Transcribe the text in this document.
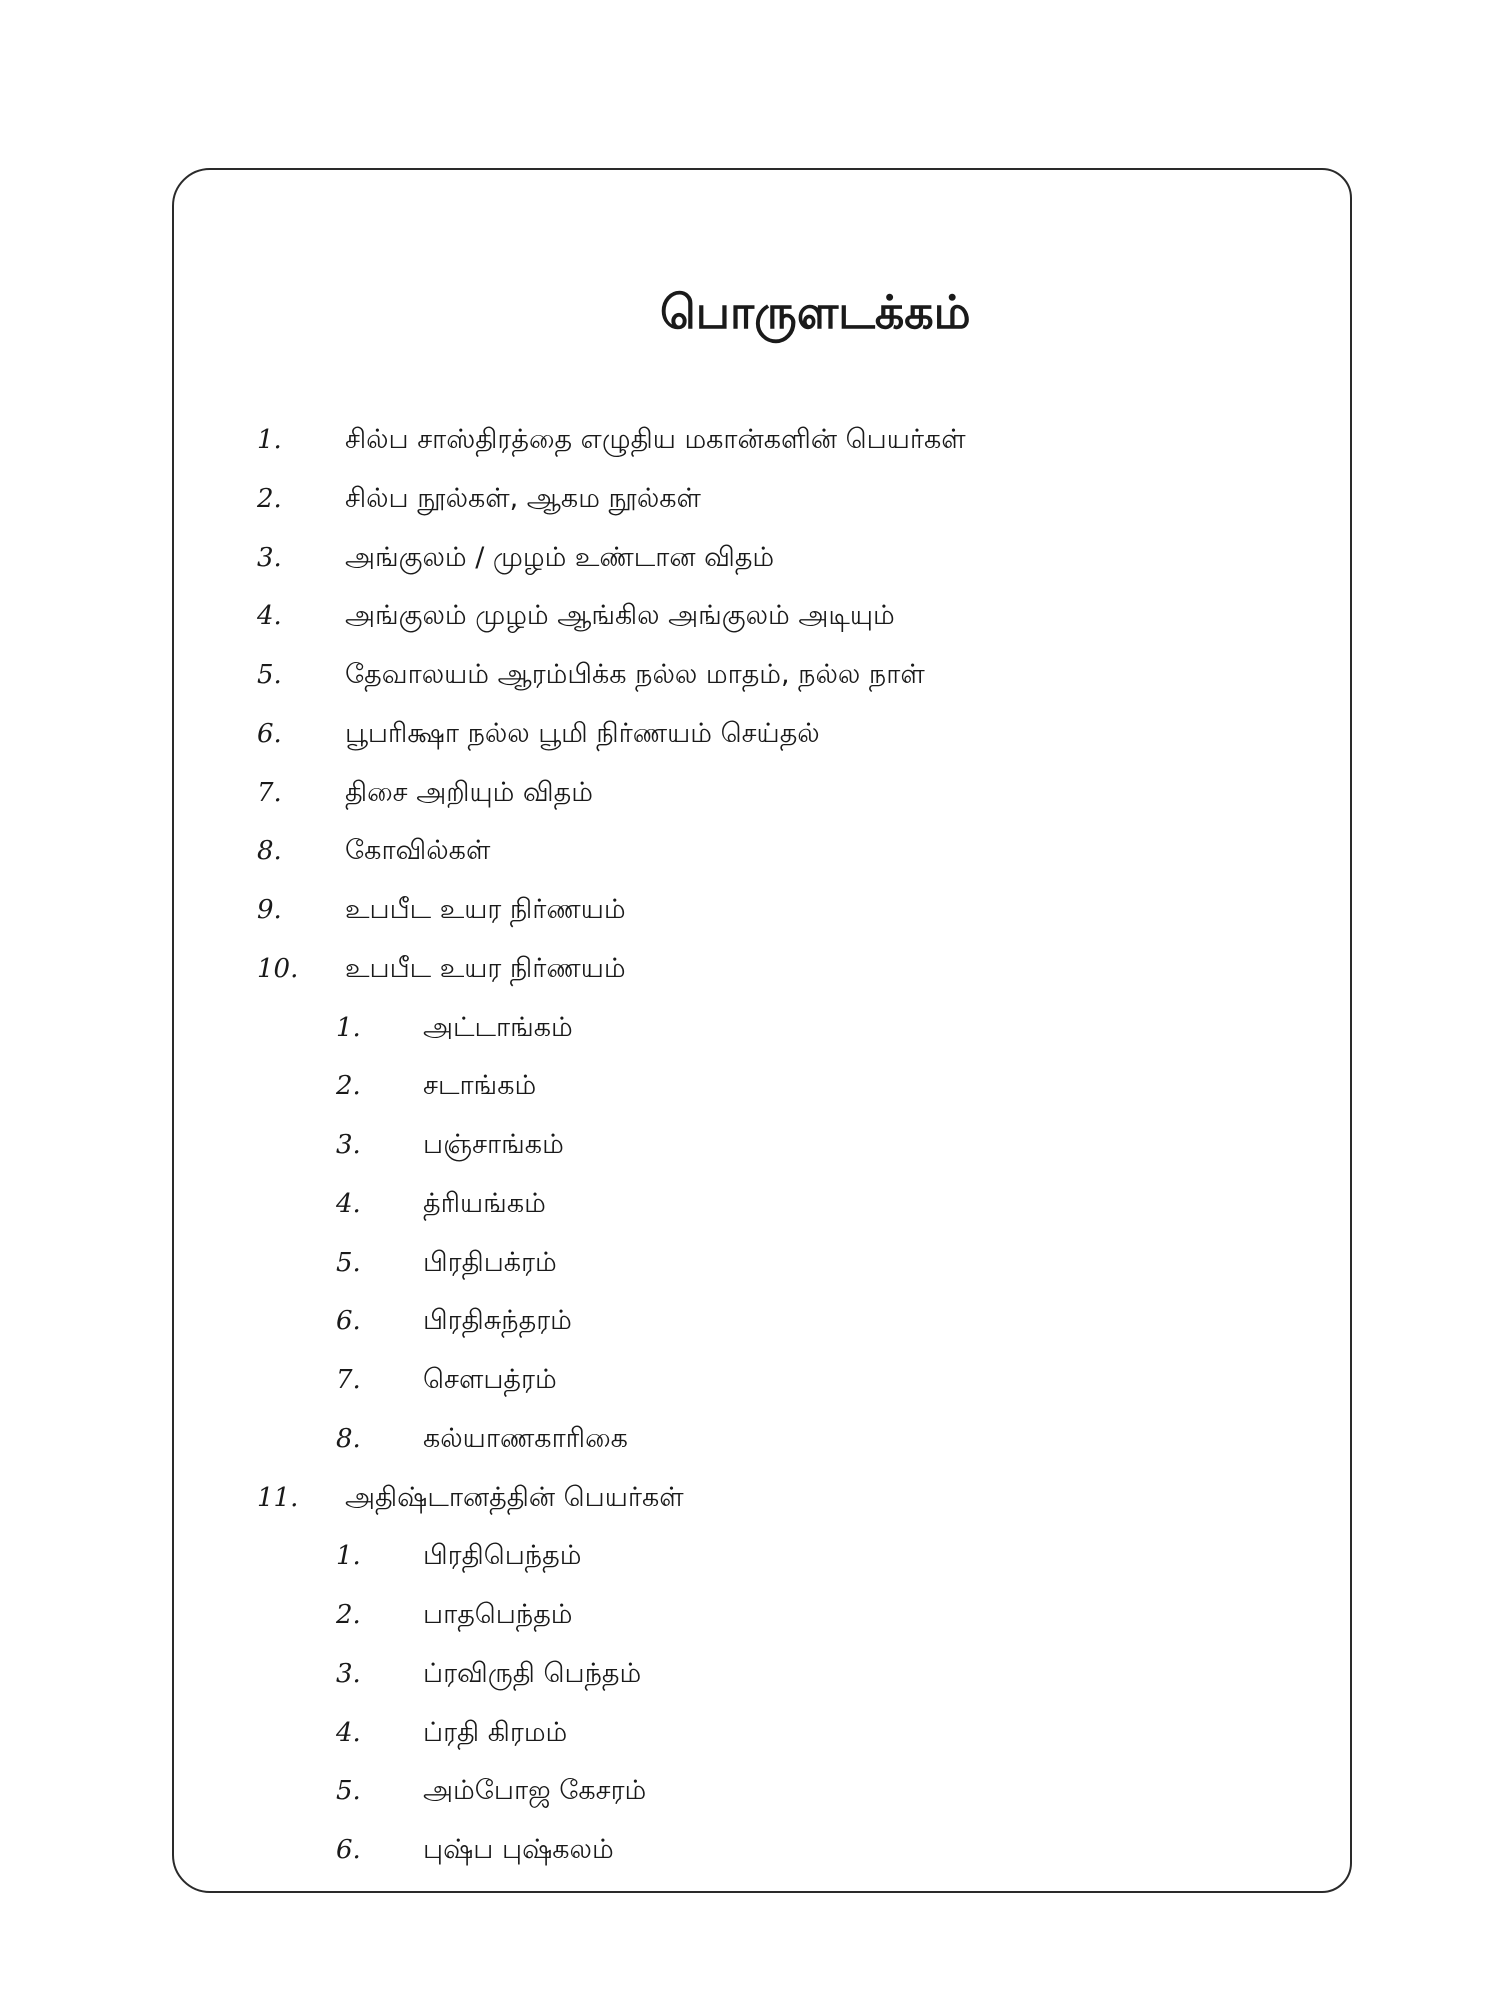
பொருளடக்கம்
1. சில்ப சாஸ்திரத்தை எழுதிய மகான்களின் பெயர்கள்
2. சில்ப நூல்கள், ஆகம நூல்கள்
3. அங்குலம் / முழம் உண்டான விதம்
4. அங்குலம் முழம் ஆங்கில அங்குலம் அடியும்
5. தேவாலயம் ஆரம்பிக்க நல்ல மாதம், நல்ல நாள்
6. பூபரிக்ஷா நல்ல பூமி நிர்ணயம் செய்தல்
7. திசை அறியும் விதம்
8. கோவில்கள்
9. உபபீட உயர நிர்ணயம்
10. உபபீட உயர நிர்ணயம்
1. அட்டாங்கம்
2. சடாங்கம்
3. பஞ்சாங்கம்
4. த்ரியங்கம்
5. பிரதிபக்ரம்
6. பிரதிசுந்தரம்
7. சௌபத்ரம்
8. கல்யாணகாரிகை
11. அதிஷ்டானத்தின் பெயர்கள்
1. பிரதிபெந்தம்
2. பாதபெந்தம்
3. ப்ரவிருதி பெந்தம்
4. ப்ரதி கிரமம்
5. அம்போஜ கேசரம்
6. புஷ்ப புஷ்கலம்
